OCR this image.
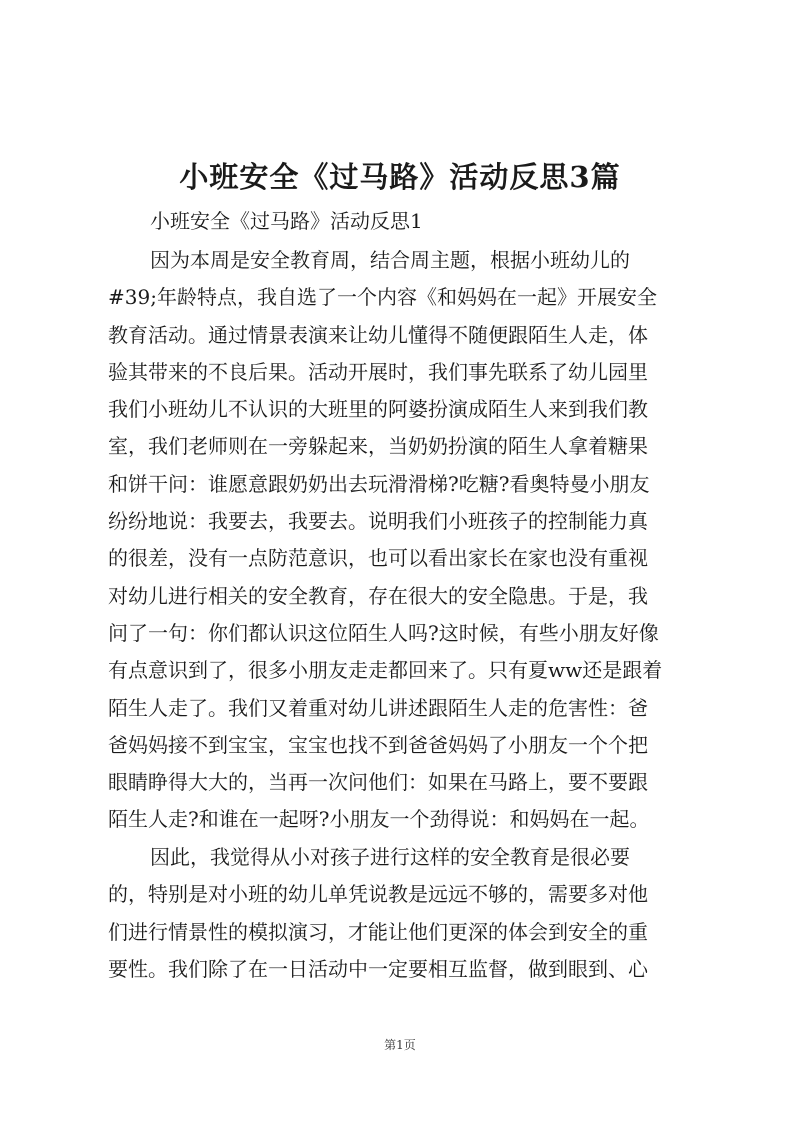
小班安全《过马路》活动反思3篇

小班安全《过马路》活动反思1

因为本周是安全教育周，结合周主题，根据小班幼儿的
#39;年龄特点，我自选了一个内容《和妈妈在一起》开展安全
教育活动。通过情景表演来让幼儿懂得不随便跟陌生人走，体
验其带来的不良后果。活动开展时，我们事先联系了幼儿园里
我们小班幼儿不认识的大班里的阿婆扮演成陌生人来到我们教
室，我们老师则在一旁躲起来，当奶奶扮演的陌生人拿着糖果
和饼干问：谁愿意跟奶奶出去玩滑滑梯?吃糖?看奥特曼小朋友
纷纷地说：我要去，我要去。说明我们小班孩子的控制能力真
的很差，没有一点防范意识，也可以看出家长在家也没有重视
对幼儿进行相关的安全教育，存在很大的安全隐患。于是，我
问了一句：你们都认识这位陌生人吗?这时候，有些小朋友好像
有点意识到了，很多小朋友走走都回来了。只有夏ww还是跟着
陌生人走了。我们又着重对幼儿讲述跟陌生人走的危害性：爸
爸妈妈接不到宝宝，宝宝也找不到爸爸妈妈了小朋友一个个把
眼睛睁得大大的，当再一次问他们：如果在马路上，要不要跟
陌生人走?和谁在一起呀?小朋友一个劲得说：和妈妈在一起。
因此，我觉得从小对孩子进行这样的安全教育是很必要
的，特别是对小班的幼儿单凭说教是远远不够的，需要多对他
们进行情景性的模拟演习，才能让他们更深的体会到安全的重
要性。我们除了在一日活动中一定要相互监督，做到眼到、心

第1页
